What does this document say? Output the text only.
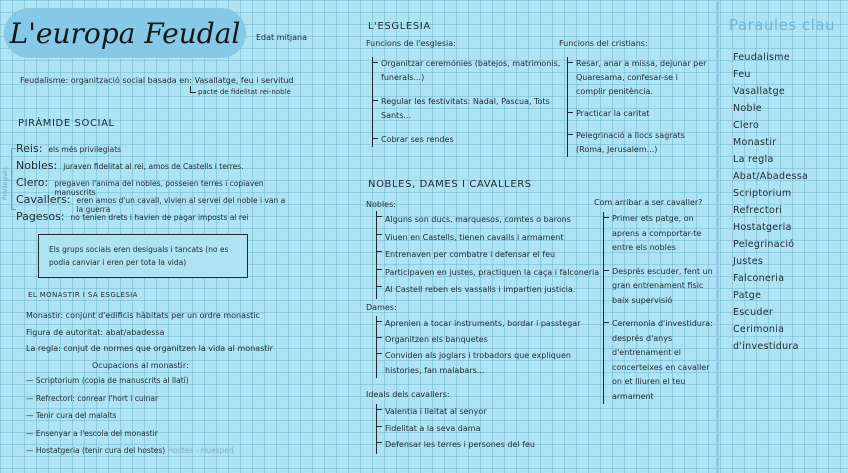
L'europa Feudal Edat mitjana
Feudalisme: organització social basada en: Vasallatge, feu i servitud
pacte de fidelitat rei-noble
PIRÀMIDE SOCIAL
Reis: els més privilegiats
Nobles: juraven fidelitat al rei, amos de Castells i terres.
Clero: pregaven l'anima del nobles, posseien terres i copiaven manuscrits
Cavallers: eren amos d'un cavall, vivien al servei del noble i van a la guerra
Pagesos: no tenien drets i havien de pagar imposts al rei
Privilegiats
Els grups socials eren desiguals i tancats (no es
podia canviar i eren per tota la vida)
EL MONASTIR I SA ESGLESIA
Monastir: conjunt d'edificis hàbitats per un ordre monastic
Figura de autoritat: abat/abadessa
La regla: conjut de normes que organitzen la vida al monastir
Ocupacions al monastir:
— Scriptorium (copia de manuscrits al llatí)
— Refrectori: conrear l'hort i cuinar
— Tenir cura del malalts
— Ensenyar a l'escola del monastir
— Hostatgeria (tenir cura del hostes) Hostes - Huesped
L'ESGLESIA
Funcions de l'esglesia:
Organitzar ceremónies (batejos, matrimonis,
funerals...)
Regular les festivitats: Nadal, Pascua, Tots
Sants...
Cobrar ses rendes
Funcions del cristians:
Resar, anar a missa, dejunar per
Quaresama, confesar-se i
complir penitència.
Practicar la caritat
Pelegrinació a llocs sagrats
(Roma, Jerusalem...)
NOBLES, DAMES I CAVALLERS
Nobles:
Alguns son ducs, marquesos, comtes o barons
Viuen en Castells, tienen cavalls i armament
Entrenaven per combatre i defensar el feu
Participaven en justes, practiquen la caça i falconeria
Al Castell reben els vassalls i impartien justicia.
Dames:
Aprenien a tocar instruments, bordar i passtegar
Organitzen els banquetes
Conviden als joglars i trobadors que expliquen
histories, fan malabars...
Ideals dels cavallers:
Valentia i lleitat al senyor
Fidelitat a la seva dama
Defensar les terres i persones del feu
Com arribar a ser cavaller?
Primer ets patge, on
aprens a comportar-te
entre els nobles
Després escuder, fent un
gran entrenament fisic
baix supervisió
Ceremonia d'investidura:
després d'anys
d'entrenament el
concerteixes en cavaller
on et lliuren el teu
armament
Paraules clau
Feudalisme
Feu
Vasallatge
Noble
Clero
Monastir
La regla
Abat/Abadessa
Scriptorium
Refrectori
Hostatgeria
Pelegrinació
Justes
Falconeria
Patge
Escuder
Cerimonia d'investidura
